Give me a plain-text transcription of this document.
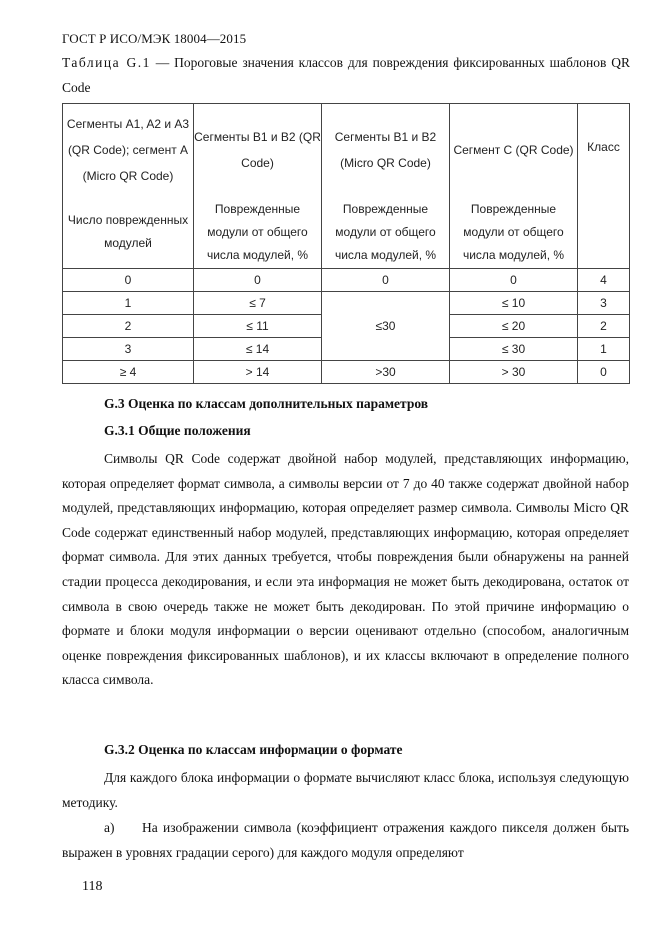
ГОСТ Р ИСО/МЭК 18004—2015
Таблица G.1 — Пороговые значения классов для повреждения фиксированных шаблонов QR Code
Сегменты A1, A2 и A3 (QR Code); сегмент A (Micro QR Code)	Сегменты B1 и B2 (QR Code)	Сегменты B1 и B2 (Micro QR Code)	Сегмент C (QR Code)	Класс
Число поврежденных модулей	Поврежденные модули от общего числа модулей, %	Поврежденные модули от общего числа модулей, %	Поврежденные модули от общего числа модулей, %	
0	0	0	0	4
1	≤ 7	≤30	≤ 10	3
2	≤ 11		≤ 20	2
3	≤ 14		≤ 30	1
≥ 4	> 14	>30	> 30	0
G.3 Оценка по классам дополнительных параметров
G.3.1 Общие положения

Символы QR Code содержат двойной набор модулей, представляющих информацию, которая определяет формат символа, а символы версии от 7 до 40 также содержат двойной набор модулей, представляющих информацию, которая определяет размер символа. Символы Micro QR Code содержат единственный набор модулей, представляющих информацию, которая определяет формат символа. Для этих данных требуется, чтобы повреждения были обнаружены на ранней стадии процесса декодирования, и если эта информация не может быть декодирована, остаток от символа в свою очередь также не может быть декодирован. По этой причине информацию о формате и блоки модуля информации о версии оценивают отдельно (способом, аналогичным оценке повреждения фиксированных шаблонов), и их классы включают в определение полного класса символа.

G.3.2 Оценка по классам информации о формате

Для каждого блока информации о формате вычисляют класс блока, используя следующую методику.

а) На изображении символа (коэффициент отражения каждого пикселя должен быть выражен в уровнях градации серого) для каждого модуля определяют

118
